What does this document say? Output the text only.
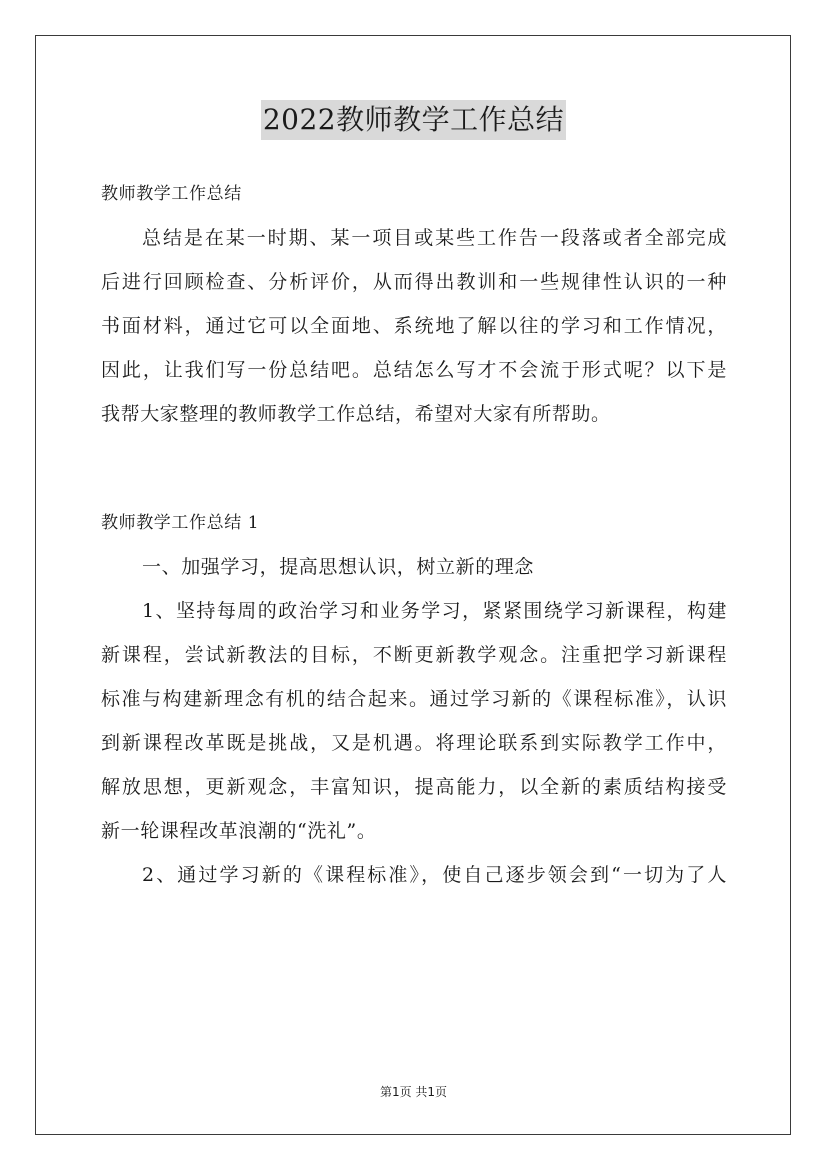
2022教师教学工作总结
教师教学工作总结
总结是在某一时期、某一项目或某些工作告一段落或者全部完成
后进行回顾检查、分析评价，从而得出教训和一些规律性认识的一种
书面材料，通过它可以全面地、系统地了解以往的学习和工作情况，
因此，让我们写一份总结吧。总结怎么写才不会流于形式呢？以下是
我帮大家整理的教师教学工作总结，希望对大家有所帮助。
教师教学工作总结 1
一、加强学习，提高思想认识，树立新的理念
1、坚持每周的政治学习和业务学习，紧紧围绕学习新课程，构建
新课程，尝试新教法的目标，不断更新教学观念。注重把学习新课程
标准与构建新理念有机的结合起来。通过学习新的《课程标准》，认识
到新课程改革既是挑战，又是机遇。将理论联系到实际教学工作中，
解放思想，更新观念，丰富知识，提高能力，以全新的素质结构接受
新一轮课程改革浪潮的“洗礼”。
2、通过学习新的《课程标准》，使自己逐步领会到“一切为了人
第1页 共1页
